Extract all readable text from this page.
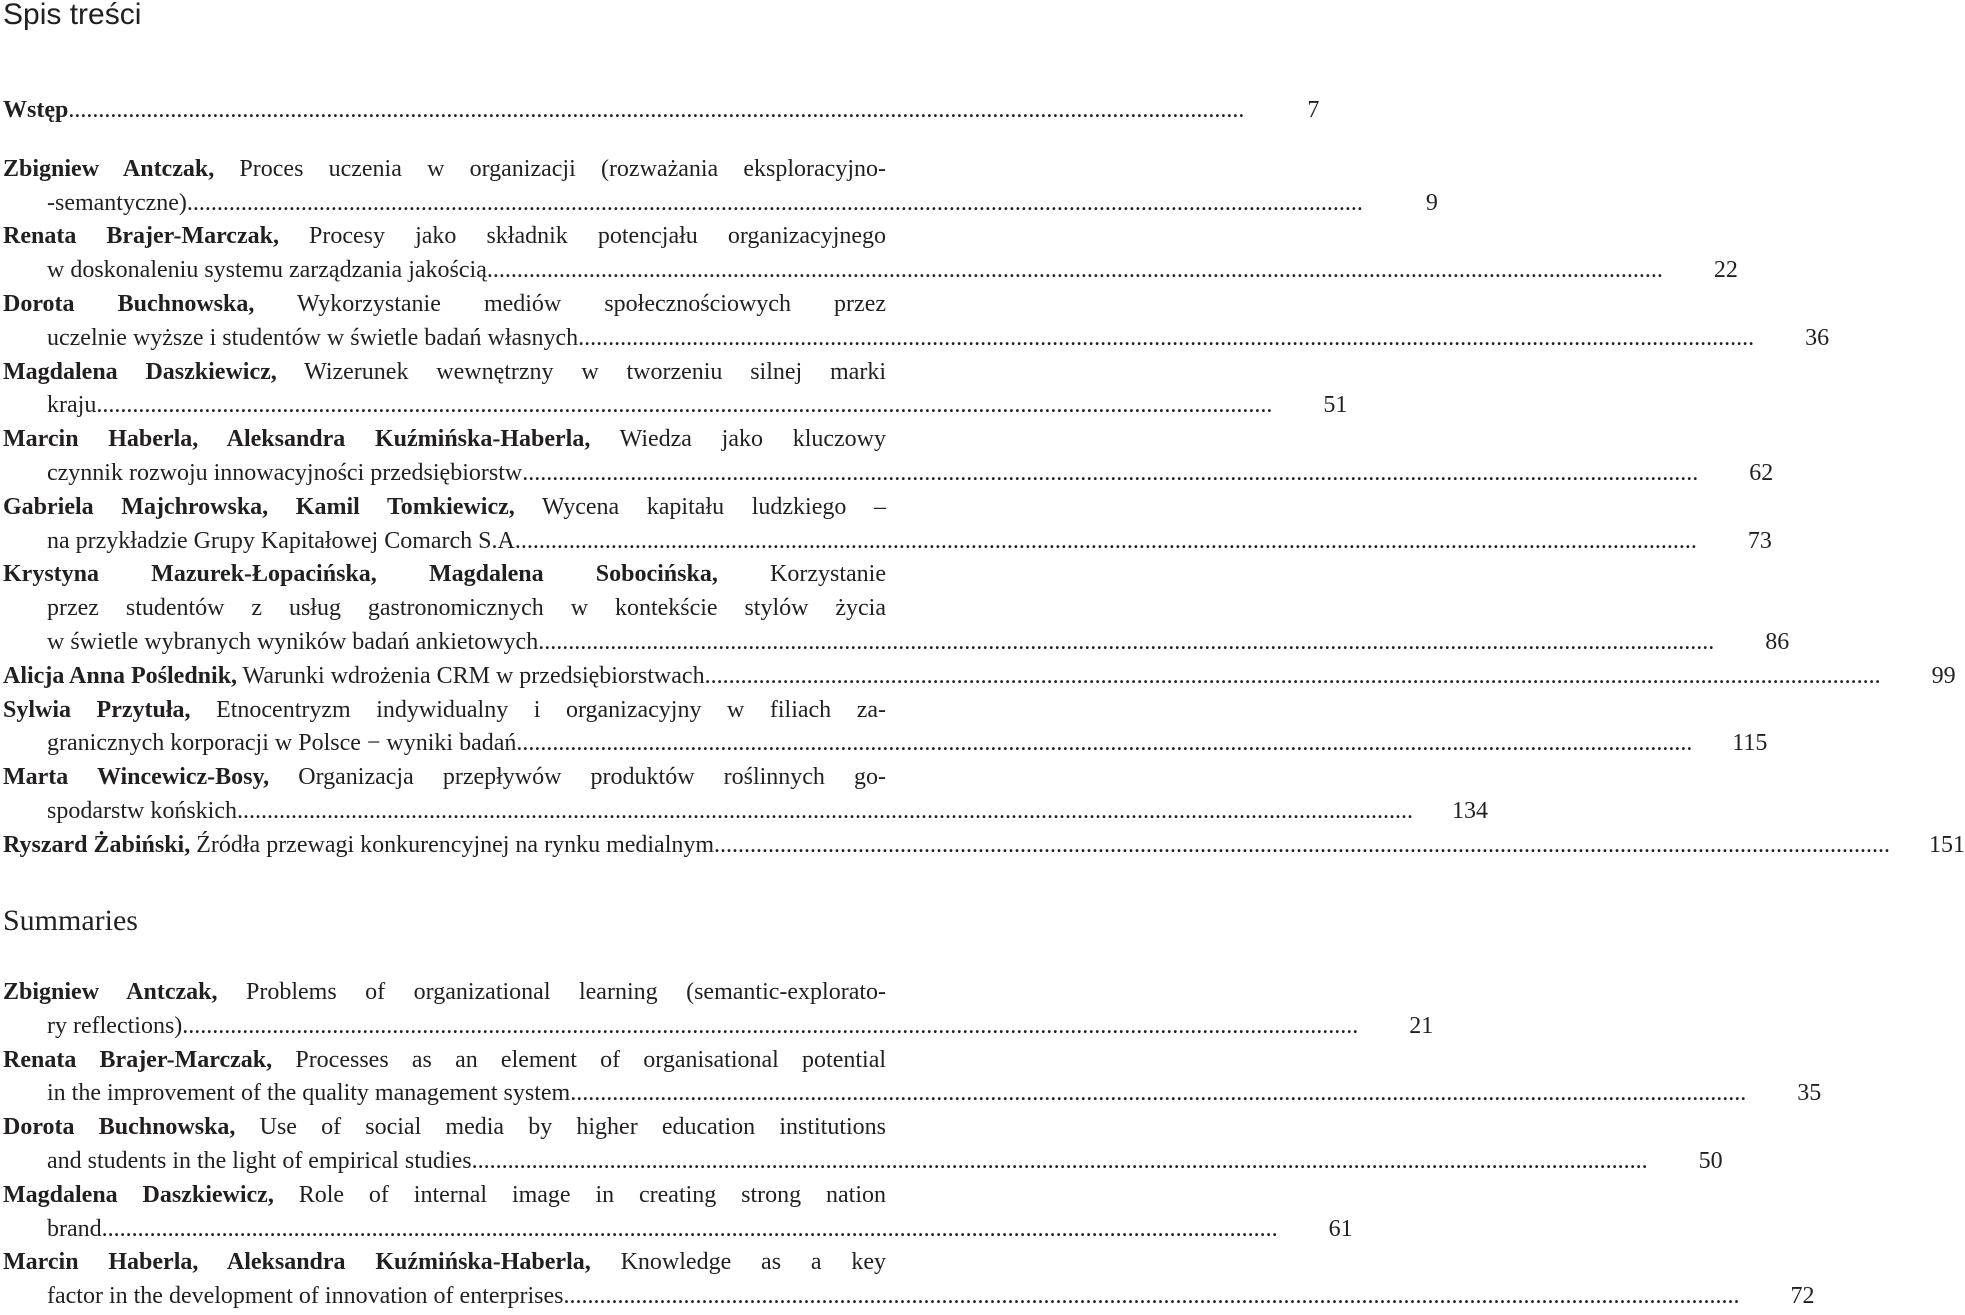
Spis treści
Wstęp .....	7
Zbigniew Antczak, Proces uczenia w organizacji (rozważania eksploracyjno-
-semantyczne) .....	9
Renata Brajer-Marczak, Procesy jako składnik potencjału organizacyjnego
w doskonaleniu systemu zarządzania jakością .....	22
Dorota Buchnowska, Wykorzystanie mediów społecznościowych przez
uczelnie wyższe i studentów w świetle badań własnych .....	36
Magdalena Daszkiewicz, Wizerunek wewnętrzny w tworzeniu silnej marki
kraju .....	51
Marcin Haberla, Aleksandra Kuźmińska-Haberla, Wiedza jako kluczowy
czynnik rozwoju innowacyjności przedsiębiorstw .....	62
Gabriela Majchrowska, Kamil Tomkiewicz, Wycena kapitału ludzkiego –
na przykładzie Grupy Kapitałowej Comarch S.A. .....	73
Krystyna Mazurek-Łopacińska, Magdalena Sobocińska, Korzystanie
przez studentów z usług gastronomicznych w kontekście stylów życia
w świetle wybranych wyników badań ankietowych .....	86
Alicja Anna Poślednik, Warunki wdrożenia CRM w przedsiębiorstwach .....	99
Sylwia Przytuła, Etnocentryzm indywidualny i organizacyjny w filiach za-
granicznych korporacji w Polsce − wyniki badań .....	115
Marta Wincewicz-Bosy, Organizacja przepływów produktów roślinnych go-
spodarstw końskich .....	134
Ryszard Żabiński, Źródła przewagi konkurencyjnej na rynku medialnym .....	151
Summaries
Zbigniew Antczak, Problems of organizational learning (semantic-explorato-
ry reflections) .....	21
Renata Brajer-Marczak, Processes as an element of organisational potential
in the improvement of the quality management system .....	35
Dorota Buchnowska, Use of social media by higher education institutions
and students in the light of empirical studies .....	50
Magdalena Daszkiewicz, Role of internal image in creating strong nation
brand .....	61
Marcin Haberla, Aleksandra Kuźmińska-Haberla, Knowledge as a key
factor in the development of innovation of enterprises .....	72
